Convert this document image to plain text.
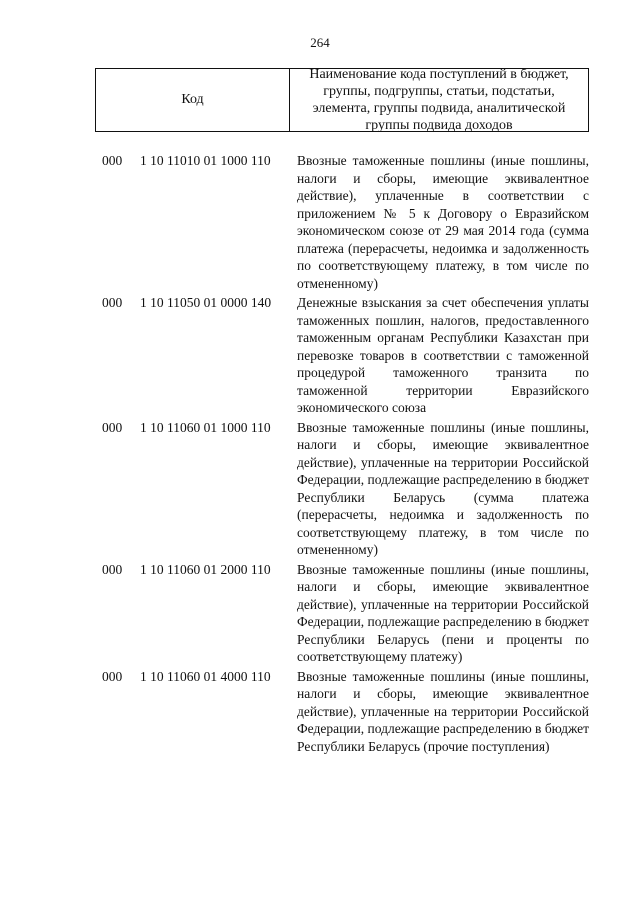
264
Код
Наименование кода поступлений в бюджет, группы, подгруппы, статьи, подстатьи, элемента, группы подвида, аналитической группы подвида доходов
000 1 10 11010 01 1000 110 Ввозные таможенные пошлины (иные пошлины, налоги и сборы, имеющие эквивалентное действие), уплаченные в соответствии с приложением № 5 к Договору о Евразийском экономическом союзе от 29 мая 2014 года (сумма платежа (перерасчеты, недоимка и задолженность по соответствующему платежу, в том числе по отмененному)
000 1 10 11050 01 0000 140 Денежные взыскания за счет обеспечения уплаты таможенных пошлин, налогов, предоставленного таможенным органам Республики Казахстан при перевозке товаров в соответствии с таможенной процедурой таможенного транзита по таможенной территории Евразийского экономического союза
000 1 10 11060 01 1000 110 Ввозные таможенные пошлины (иные пошлины, налоги и сборы, имеющие эквивалентное действие), уплаченные на территории Российской Федерации, подлежащие распределению в бюджет Республики Беларусь (сумма платежа (перерасчеты, недоимка и задолженность по соответствующему платежу, в том числе по отмененному)
000 1 10 11060 01 2000 110 Ввозные таможенные пошлины (иные пошлины, налоги и сборы, имеющие эквивалентное действие), уплаченные на территории Российской Федерации, подлежащие распределению в бюджет Республики Беларусь (пени и проценты по соответствующему платежу)
000 1 10 11060 01 4000 110 Ввозные таможенные пошлины (иные пошлины, налоги и сборы, имеющие эквивалентное действие), уплаченные на территории Российской Федерации, подлежащие распределению в бюджет Республики Беларусь (прочие поступления)
